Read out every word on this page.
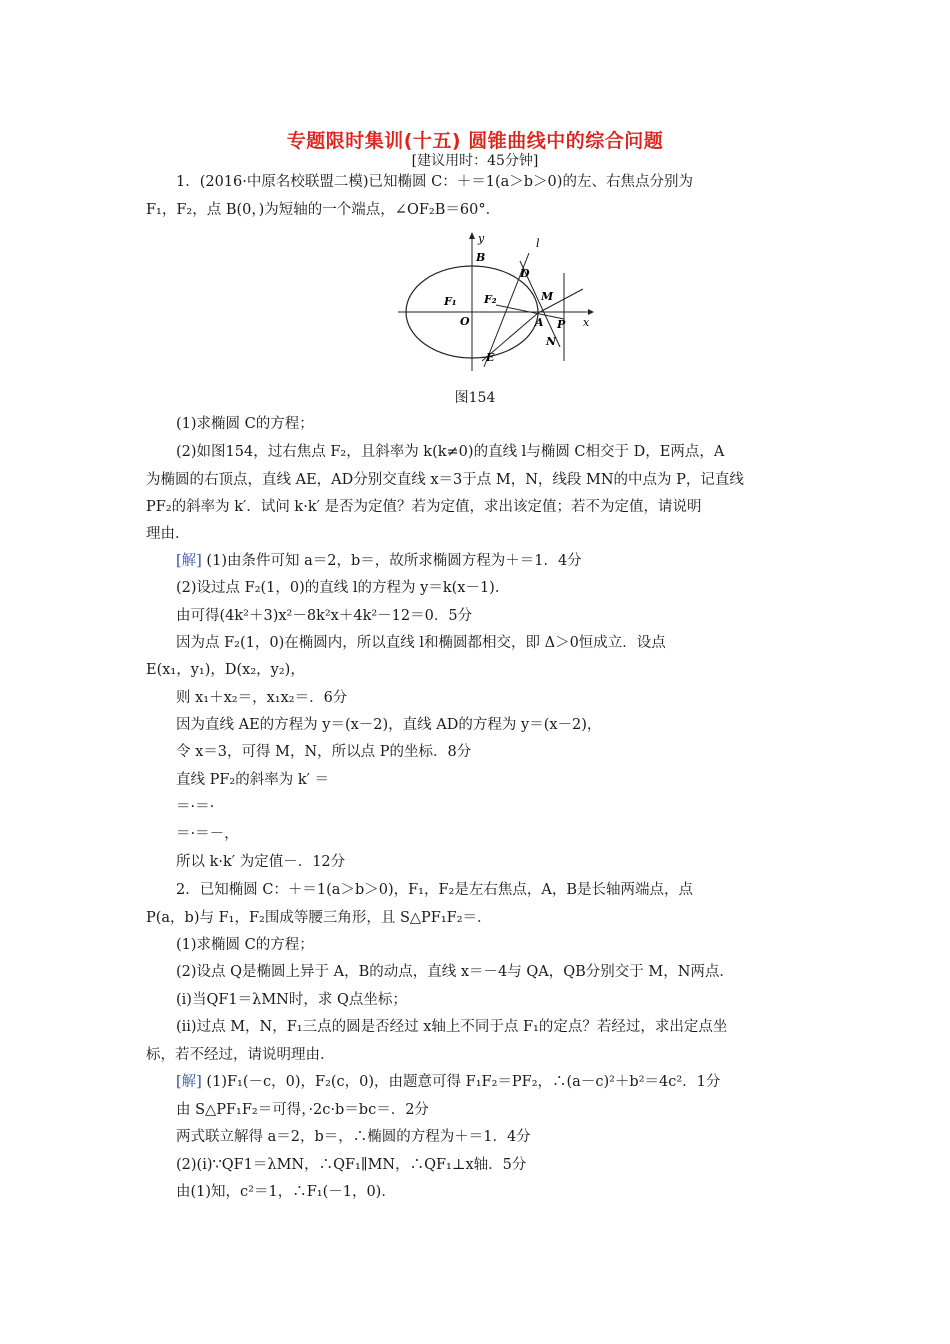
专题限时集训(十五) 圆锥曲线中的综合问题
[建议用时：45分钟]
y
x
B
l
D
M
F₁ F₂
O	A P
N
E
图154
1．(2016·中原名校联盟二模)已知椭圆 C：＋＝1(a＞b＞0)的左、右焦点分别为
F₁，F₂，点 B(0，)为短轴的一个端点，∠OF₂B＝60°．
(1)求椭圆 C的方程；
(2)如图154，过右焦点 F₂，且斜率为 k(k≠0)的直线 l与椭圆 C相交于 D，E两点，A
为椭圆的右顶点，直线 AE，AD分别交直线 x＝3于点 M，N，线段 MN的中点为 P，记直线
PF₂的斜率为 k′．试问 k·k′ 是否为定值？若为定值，求出该定值；若不为定值，请说明
理由．
[解] (1)由条件可知 a＝2，b＝，故所求椭圆方程为＋＝1．4分
(2)设过点 F₂(1，0)的直线 l的方程为 y＝k(x－1)．
由可得(4k²＋3)x²－8k²x＋4k²－12＝0．5分
因为点 F₂(1，0)在椭圆内，所以直线 l和椭圆都相交，即 Δ＞0恒成立．设点
E(x₁，y₁)，D(x₂，y₂)，
则 x₁＋x₂＝，x₁x₂＝．6分
因为直线 AE的方程为 y＝(x－2)，直线 AD的方程为 y＝(x－2)，
令 x＝3，可得 M，N，所以点 P的坐标．8分
直线 PF₂的斜率为 k′ ＝
＝·＝·
＝·＝－，
所以 k·k′ 为定值－．12分
2．已知椭圆 C：＋＝1(a＞b＞0)，F₁，F₂是左右焦点，A，B是长轴两端点，点
P(a，b)与 F₁，F₂围成等腰三角形，且 S△PF₁F₂＝．
(1)求椭圆 C的方程；
(2)设点 Q是椭圆上异于 A，B的动点，直线 x＝－4与 QA，QB分别交于 M，N两点．
(ⅰ)当QF1＝λMN时，求 Q点坐标；
(ⅱ)过点 M，N，F₁三点的圆是否经过 x轴上不同于点 F₁的定点？若经过，求出定点坐
标，若不经过，请说明理由．
[解] (1)F₁(－c，0)，F₂(c，0)，由题意可得 F₁F₂＝PF₂，∴(a－c)²＋b²＝4c²．1分
由 S△PF₁F₂＝可得，·2c·b＝bc＝．2分
两式联立解得 a＝2，b＝，∴椭圆的方程为＋＝1．4分
(2)(ⅰ)∵QF1＝λMN，∴QF₁∥MN，∴QF₁⊥x轴．5分
由(1)知，c²＝1，∴F₁(－1，0)．
